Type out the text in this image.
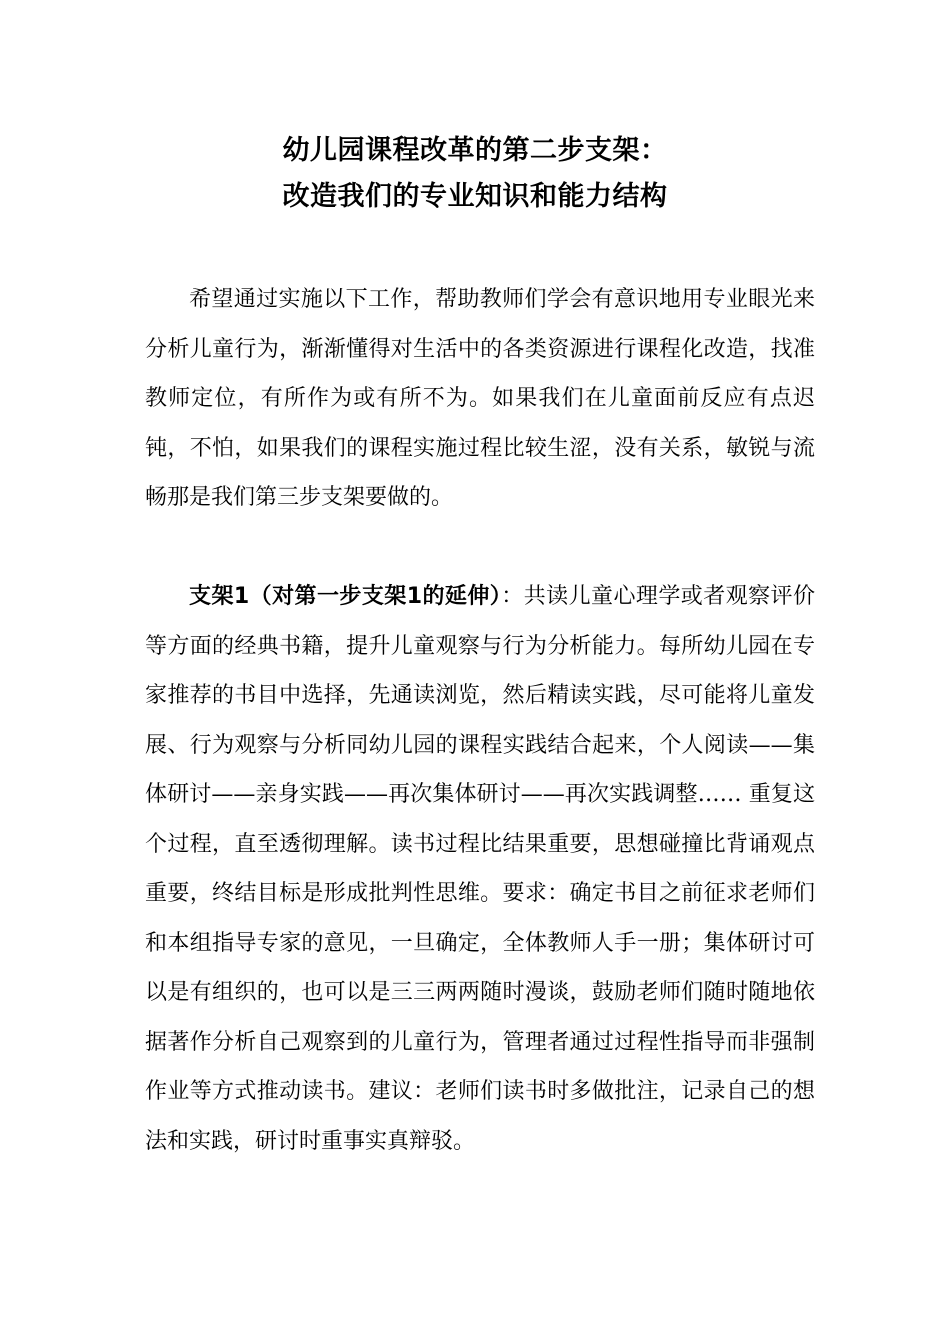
幼儿园课程改革的第二步支架：
改造我们的专业知识和能力结构

希望通过实施以下工作，帮助教师们学会有意识地用专业眼光来分析儿童行为，渐渐懂得对生活中的各类资源进行课程化改造，找准教师定位，有所作为或有所不为。如果我们在儿童面前反应有点迟钝，不怕，如果我们的课程实施过程比较生涩，没有关系，敏锐与流畅那是我们第三步支架要做的。

支架1（对第一步支架1的延伸）：共读儿童心理学或者观察评价等方面的经典书籍，提升儿童观察与行为分析能力。每所幼儿园在专家推荐的书目中选择，先通读浏览，然后精读实践，尽可能将儿童发展、行为观察与分析同幼儿园的课程实践结合起来，个人阅读——集体研讨——亲身实践——再次集体研讨——再次实践调整…… 重复这个过程，直至透彻理解。读书过程比结果重要，思想碰撞比背诵观点重要，终结目标是形成批判性思维。要求：确定书目之前征求老师们和本组指导专家的意见，一旦确定，全体教师人手一册；集体研讨可以是有组织的，也可以是三三两两随时漫谈，鼓励老师们随时随地依据著作分析自己观察到的儿童行为，管理者通过过程性指导而非强制作业等方式推动读书。建议：老师们读书时多做批注，记录自己的想法和实践，研讨时重事实真辩驳。
